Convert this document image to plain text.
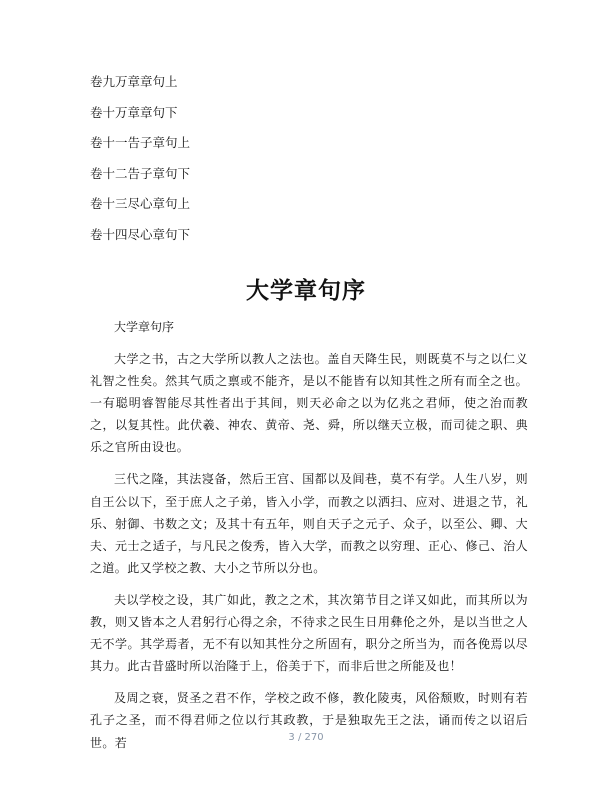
卷九万章章句上
卷十万章章句下
卷十一告子章句上
卷十二告子章句下
卷十三尽心章句上
卷十四尽心章句下
大学章句序

大学章句序

大学之书，古之大学所以教人之法也。盖自天降生民，则既莫不与之以仁义礼智之性矣。然其气质之禀或不能齐，是以不能皆有以知其性之所有而全之也。一有聪明睿智能尽其性者出于其间，则天必命之以为亿兆之君师，使之治而教之，以复其性。此伏羲、神农、黄帝、尧、舜，所以继天立极，而司徒之职、典乐之官所由设也。

三代之隆，其法寖备，然后王宫、国都以及闾巷，莫不有学。人生八岁，则自王公以下，至于庶人之子弟，皆入小学，而教之以洒扫、应对、进退之节，礼乐、射御、书数之文；及其十有五年，则自天子之元子、众子，以至公、卿、大夫、元士之适子，与凡民之俊秀，皆入大学，而教之以穷理、正心、修己、治人之道。此又学校之教、大小之节所以分也。

夫以学校之设，其广如此，教之之术，其次第节目之详又如此，而其所以为教，则又皆本之人君躬行心得之余，不待求之民生日用彝伦之外，是以当世之人无不学。其学焉者，无不有以知其性分之所固有，职分之所当为，而各俛焉以尽其力。此古昔盛时所以治隆于上，俗美于下，而非后世之所能及也！

及周之衰，贤圣之君不作，学校之政不修，教化陵夷，风俗颓败，时则有若孔子之圣，而不得君师之位以行其政教，于是独取先王之法，诵而传之以诏后世。若	3 / 270
